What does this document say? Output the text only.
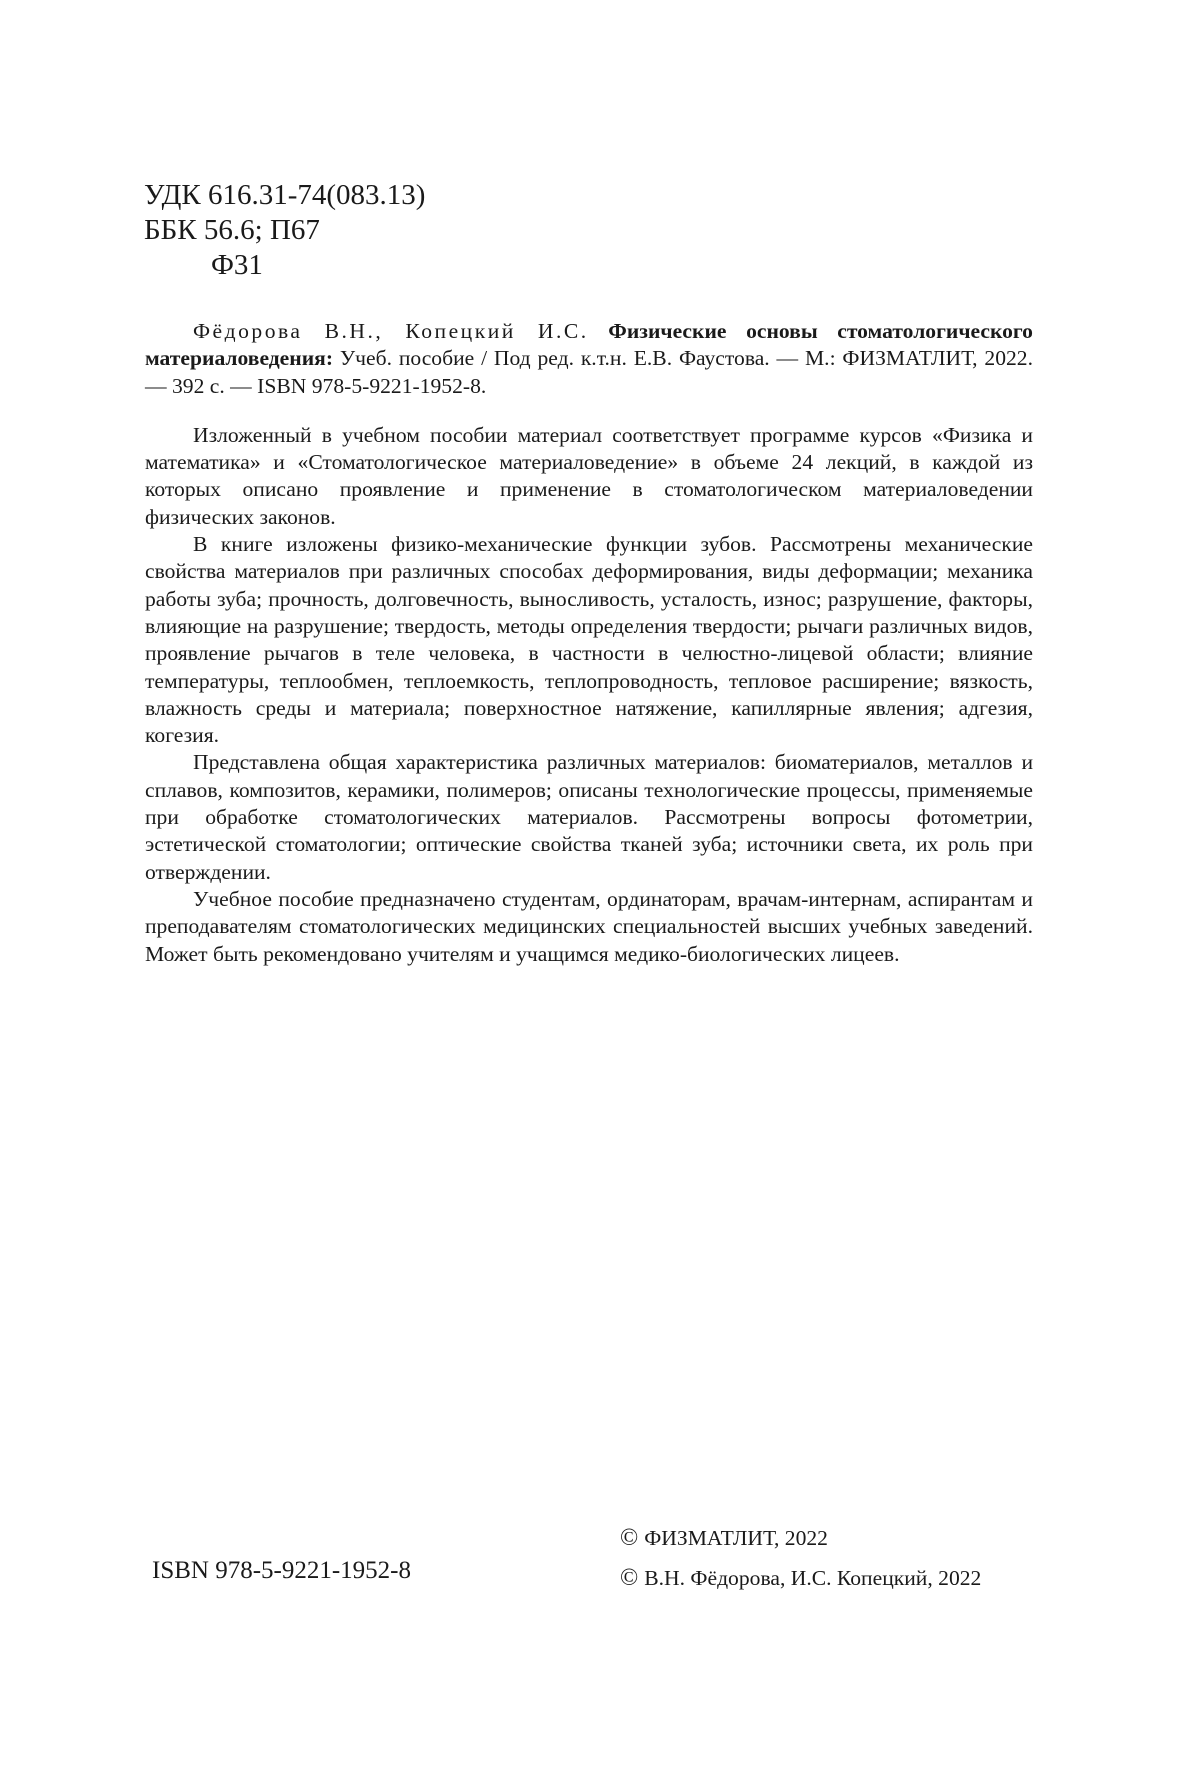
УДК 616.31-74(083.13)
ББК 56.6; П67
Ф31

Фёдорова В.Н., Копецкий И.С. Физические основы стоматологического материаловедения: Учеб. пособие / Под ред. к.т.н. Е.В. Фаустова. — М.: ФИЗМАТЛИТ, 2022. — 392 с. — ISBN 978-5-9221-1952-8.

Изложенный в учебном пособии материал соответствует программе курсов «Физика и математика» и «Стоматологическое материаловедение» в объеме 24 лекций, в каждой из которых описано проявление и применение в стоматологическом материаловедении физических законов.

В книге изложены физико-механические функции зубов. Рассмотрены механические свойства материалов при различных способах деформирования, виды деформации; механика работы зуба; прочность, долговечность, выносливость, усталость, износ; разрушение, факторы, влияющие на разрушение; твердость, методы определения твердости; рычаги различных видов, проявление рычагов в теле человека, в частности в челюстно-лицевой области; влияние температуры, теплообмен, теплоемкость, теплопроводность, тепловое расширение; вязкость, влажность среды и материала; поверхностное натяжение, капиллярные явления; адгезия, когезия.

Представлена общая характеристика различных материалов: биоматериалов, металлов и сплавов, композитов, керамики, полимеров; описаны технологические процессы, применяемые при обработке стоматологических материалов. Рассмотрены вопросы фотометрии, эстетической стоматологии; оптические свойства тканей зуба; источники света, их роль при отверждении.

Учебное пособие предназначено студентам, ординаторам, врачам-интернам, аспирантам и преподавателям стоматологических медицинских специальностей высших учебных заведений. Может быть рекомендовано учителям и учащимся медико-биологических лицеев.

ISBN 978-5-9221-1952-8
© ФИЗМАТЛИТ, 2022
© В.Н. Фёдорова, И.С. Копецкий, 2022
